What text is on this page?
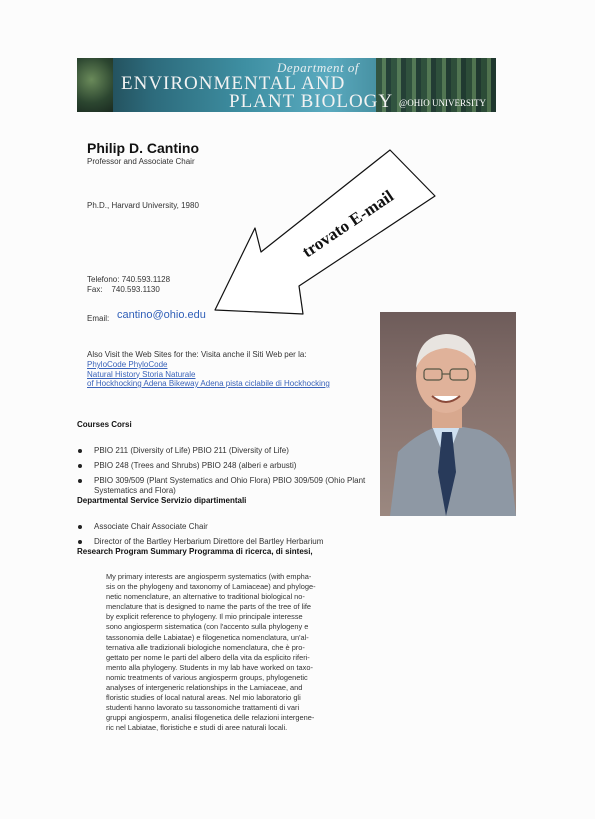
Department of
ENVIRONMENTAL AND
PLANT BIOLOGY @OHIO UNIVERSITY
Philip D. Cantino
Professor and Associate Chair
Ph.D., Harvard University, 1980
Telefono: 740.593.1128
Fax:    740.593.1130
Email: cantino@ohio.edu
trovato E-mail
Also Visit the Web Sites for the: Visita anche il Siti Web per la:
PhyloCode PhyloCode
Natural History Storia Naturale
of Hockhocking Adena Bikeway Adena pista ciclabile di Hockhocking
Courses Corsi
PBIO 211 (Diversity of Life) PBIO 211 (Diversity of Life)
PBIO 248 (Trees and Shrubs) PBIO 248 (alberi e arbusti)
PBIO 309/509 (Plant Systematics and Ohio Flora) PBIO 309/509 (Ohio Plant Systematics and Flora)
Departmental Service Servizio dipartimentali
Associate Chair Associate Chair
Director of the Bartley Herbarium Direttore del Bartley Herbarium
Research Program Summary Programma di ricerca, di sintesi,
My primary interests are angiosperm systematics (with empha-
sis on the phylogeny and taxonomy of Lamiaceae) and phyloge-
netic nomenclature, an alternative to traditional biological no-
menclature that is designed to name the parts of the tree of life
by explicit reference to phylogeny. Il mio principale interesse
sono angiosperm sistematica (con l'accento sulla phylogeny e
tassonomia delle Labiatae) e filogenetica nomenclatura, un'al-
ternativa alle tradizionali biologiche nomenclatura, che è pro-
gettato per nome le parti del albero della vita da esplicito riferi-
mento alla phylogeny. Students in my lab have worked on taxo-
nomic treatments of various angiosperm groups, phylogenetic
analyses of intergeneric relationships in the Lamiaceae, and
floristic studies of local natural areas. Nel mio laboratorio gli
studenti hanno lavorato su tassonomiche trattamenti di vari
gruppi angiosperm, analisi filogenetica delle relazioni intergene-
ric nel Labiatae, floristiche e studi di aree naturali locali.
